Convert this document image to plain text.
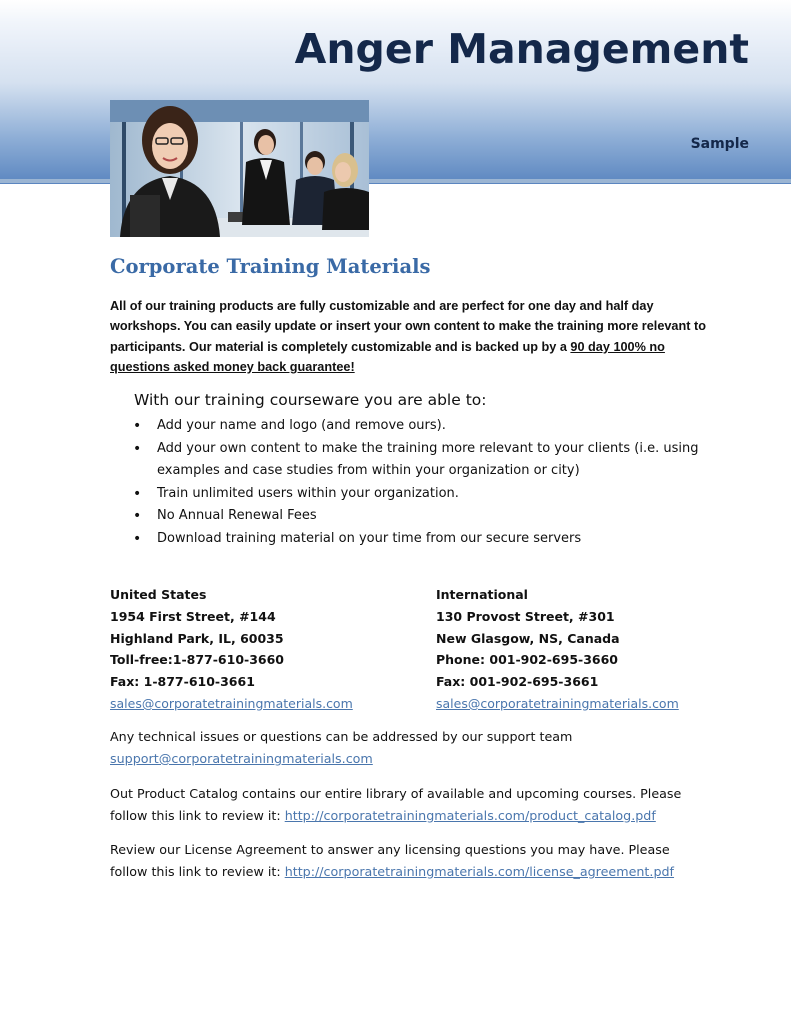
Anger Management
Sample
Corporate Training Materials
All of our training products are fully customizable and are perfect for one day and half day workshops. You can easily update or insert your own content to make the training more relevant to participants. Our material is completely customizable and is backed up by a 90 day 100% no questions asked money back guarantee!
With our training courseware you are able to:
• Add your name and logo (and remove ours).
• Add your own content to make the training more relevant to your clients (i.e. using examples and case studies from within your organization or city)
• Train unlimited users within your organization.
• No Annual Renewal Fees
• Download training material on your time from our secure servers
United States
1954 First Street, #144
Highland Park, IL, 60035
Toll-free:1-877-610-3660
Fax: 1-877-610-3661
sales@corporatetrainingmaterials.com
International
130 Provost Street, #301
New Glasgow, NS, Canada
Phone: 001-902-695-3660
Fax: 001-902-695-3661
sales@corporatetrainingmaterials.com
Any technical issues or questions can be addressed by our support team
support@corporatetrainingmaterials.com
Out Product Catalog contains our entire library of available and upcoming courses. Please follow this link to review it: http://corporatetrainingmaterials.com/product_catalog.pdf
Review our License Agreement to answer any licensing questions you may have. Please follow this link to review it: http://corporatetrainingmaterials.com/license_agreement.pdf
